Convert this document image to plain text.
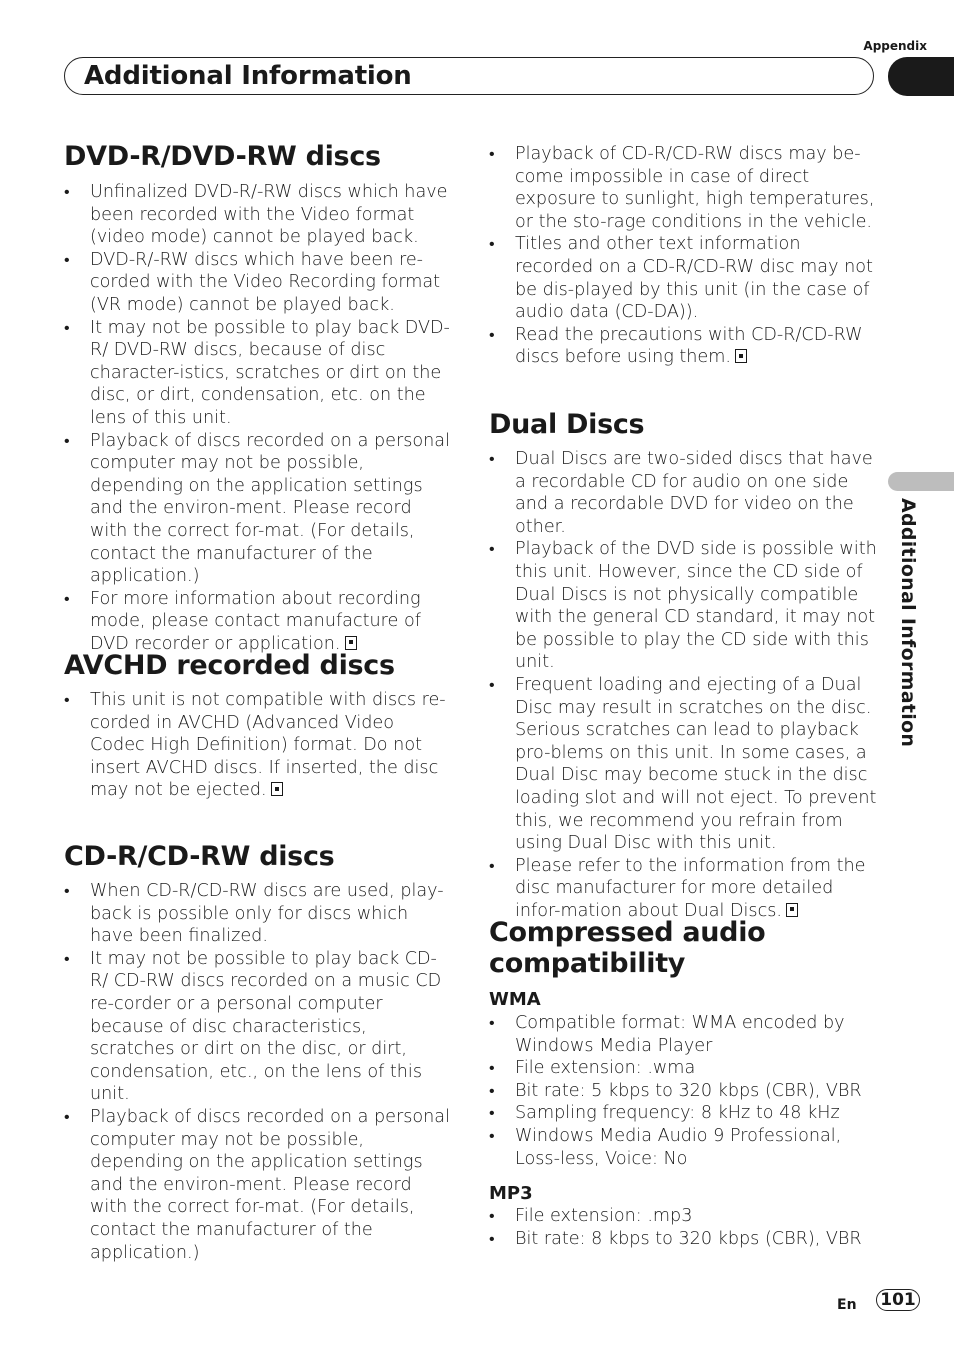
Appendix
Additional Information
Additional Information
DVD-R/DVD-RW discs
• Unfinalized DVD-R/-RW discs which have been recorded with the Video format (video mode) cannot be played back.
• DVD-R/-RW discs which have been re-corded with the Video Recording format (VR mode) cannot be played back.
• It may not be possible to play back DVD-R/ DVD-RW discs, because of disc character-istics, scratches or dirt on the disc, or dirt, condensation, etc. on the lens of this unit.
• Playback of discs recorded on a personal computer may not be possible, depending on the application settings and the environ-ment. Please record with the correct for-mat. (For details, contact the manufacturer of the application.)
• For more information about recording mode, please contact manufacture of DVD recorder or application.
AVCHD recorded discs
• This unit is not compatible with discs re-corded in AVCHD (Advanced Video Codec High Definition) format. Do not insert AVCHD discs. If inserted, the disc may not be ejected.
CD-R/CD-RW discs
• When CD-R/CD-RW discs are used, play-back is possible only for discs which have been finalized.
• It may not be possible to play back CD-R/ CD-RW discs recorded on a music CD re-corder or a personal computer because of disc characteristics, scratches or dirt on the disc, or dirt, condensation, etc., on the lens of this unit.
• Playback of discs recorded on a personal computer may not be possible, depending on the application settings and the environ-ment. Please record with the correct for-mat. (For details, contact the manufacturer of the application.)
• Playback of CD-R/CD-RW discs may be-come impossible in case of direct exposure to sunlight, high temperatures, or the sto-rage conditions in the vehicle.
• Titles and other text information recorded on a CD-R/CD-RW disc may not be dis-played by this unit (in the case of audio data (CD-DA)).
• Read the precautions with CD-R/CD-RW discs before using them.
Dual Discs
• Dual Discs are two-sided discs that have a recordable CD for audio on one side and a recordable DVD for video on the other.
• Playback of the DVD side is possible with this unit. However, since the CD side of Dual Discs is not physically compatible with the general CD standard, it may not be possible to play the CD side with this unit.
• Frequent loading and ejecting of a Dual Disc may result in scratches on the disc. Serious scratches can lead to playback pro-blems on this unit. In some cases, a Dual Disc may become stuck in the disc loading slot and will not eject. To prevent this, we recommend you refrain from using Dual Disc with this unit.
• Please refer to the information from the disc manufacturer for more detailed infor-mation about Dual Discs.
Compressed audio
compatibility
WMA
• Compatible format: WMA encoded by Windows Media Player
• File extension: .wma
• Bit rate: 5 kbps to 320 kbps (CBR), VBR
• Sampling frequency: 8 kHz to 48 kHz
• Windows Media Audio 9 Professional, Loss-less, Voice: No
MP3
• File extension: .mp3
• Bit rate: 8 kbps to 320 kbps (CBR), VBR
En 101
